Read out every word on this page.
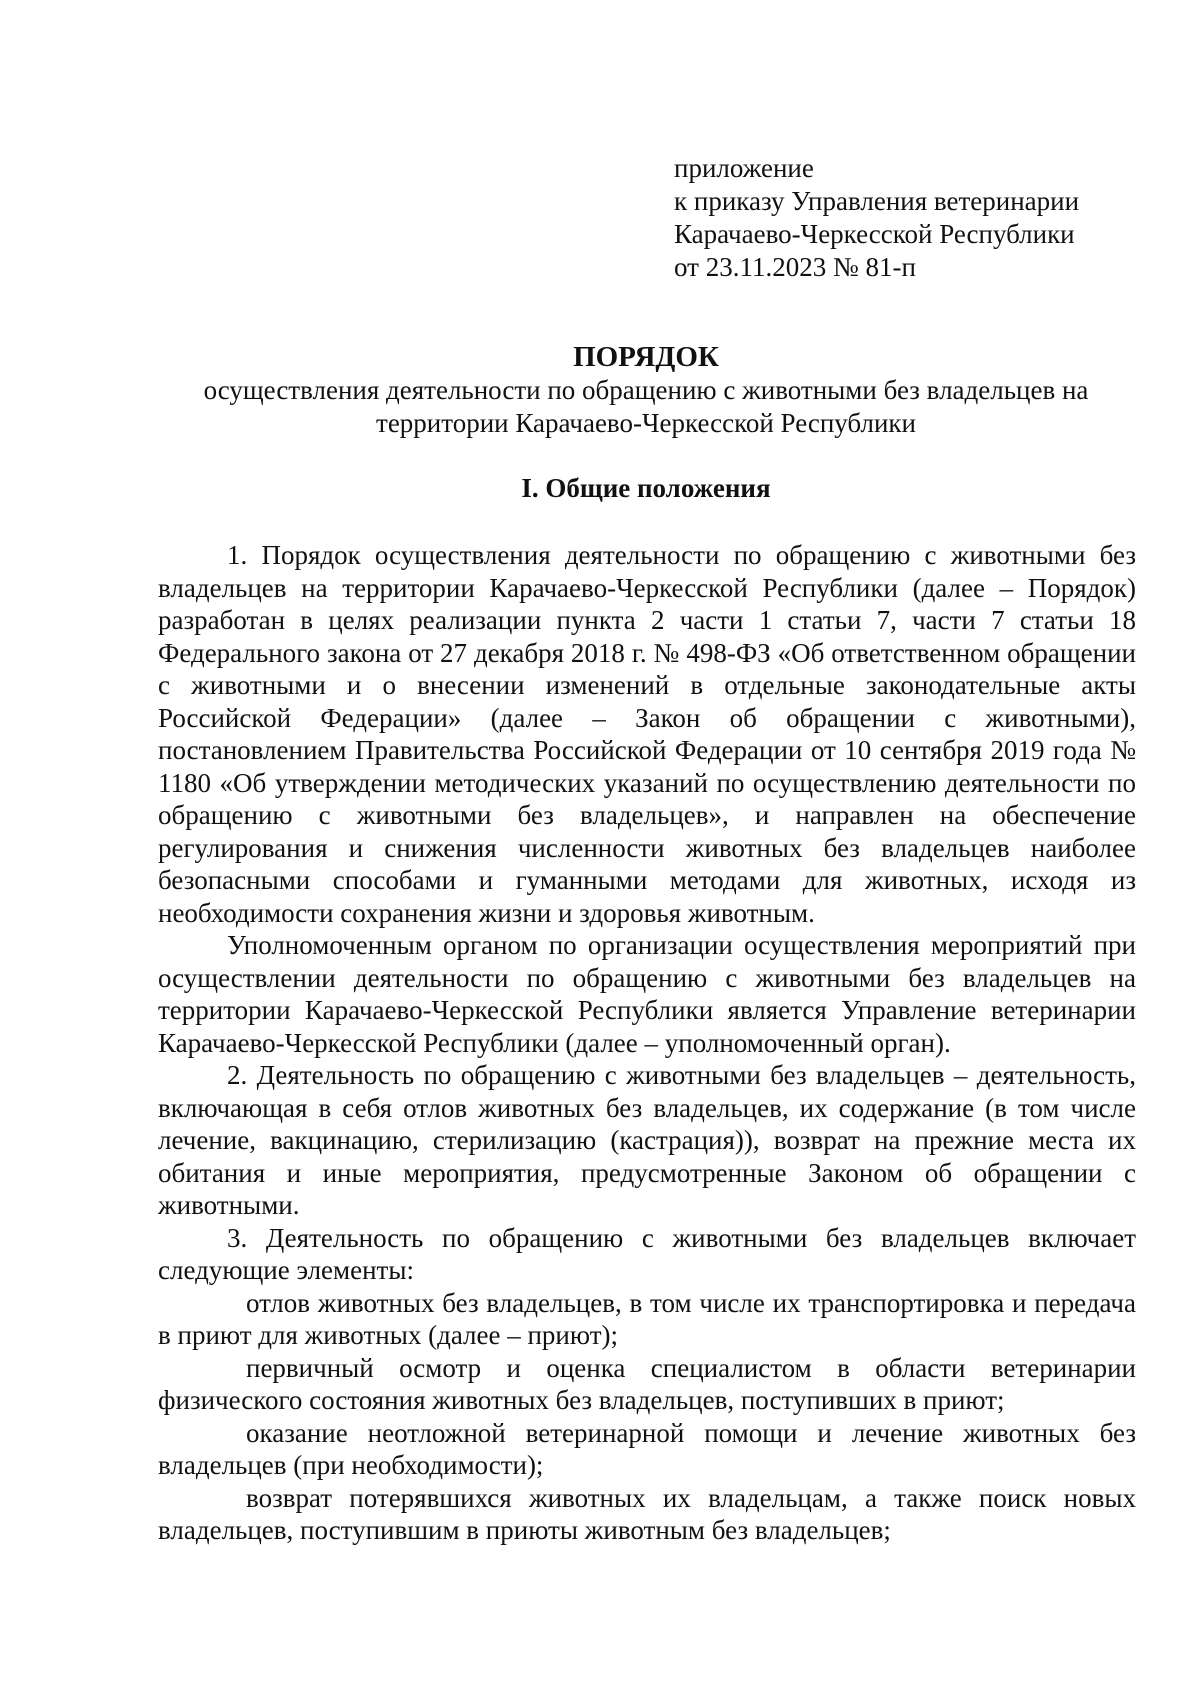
приложение
к приказу Управления ветеринарии
Карачаево-Черкесской Республики
от 23.11.2023 № 81-п
ПОРЯДОК
осуществления деятельности по обращению с животными без владельцев на территории Карачаево-Черкесской Республики
I. Общие положения

1. Порядок осуществления деятельности по обращению с животными без владельцев на территории Карачаево-Черкесской Республики (далее – Порядок) разработан в целях реализации пункта 2 части 1 статьи 7, части 7 статьи 18 Федерального закона от 27 декабря 2018 г. № 498-ФЗ «Об ответственном обращении с животными и о внесении изменений в отдельные законодательные акты Российской Федерации» (далее – Закон об обращении с животными), постановлением Правительства Российской Федерации от 10 сентября 2019 года № 1180 «Об утверждении методических указаний по осуществлению деятельности по обращению с животными без владельцев», и направлен на обеспечение регулирования и снижения численности животных без владельцев наиболее безопасными способами и гуманными методами для животных, исходя из необходимости сохранения жизни и здоровья животным.

Уполномоченным органом по организации осуществления мероприятий при осуществлении деятельности по обращению с животными без владельцев на территории Карачаево-Черкесской Республики является Управление ветеринарии Карачаево-Черкесской Республики (далее – уполномоченный орган).

2. Деятельность по обращению с животными без владельцев – деятельность, включающая в себя отлов животных без владельцев, их содержание (в том числе лечение, вакцинацию, стерилизацию (кастрация)), возврат на прежние места их обитания и иные мероприятия, предусмотренные Законом об обращении с животными.

3. Деятельность по обращению с животными без владельцев включает следующие элементы:

отлов животных без владельцев, в том числе их транспортировка и передача в приют для животных (далее – приют);

первичный осмотр и оценка специалистом в области ветеринарии физического состояния животных без владельцев, поступивших в приют;

оказание неотложной ветеринарной помощи и лечение животных без владельцев (при необходимости);

возврат потерявшихся животных их владельцам, а также поиск новых владельцев, поступившим в приюты животным без владельцев;
